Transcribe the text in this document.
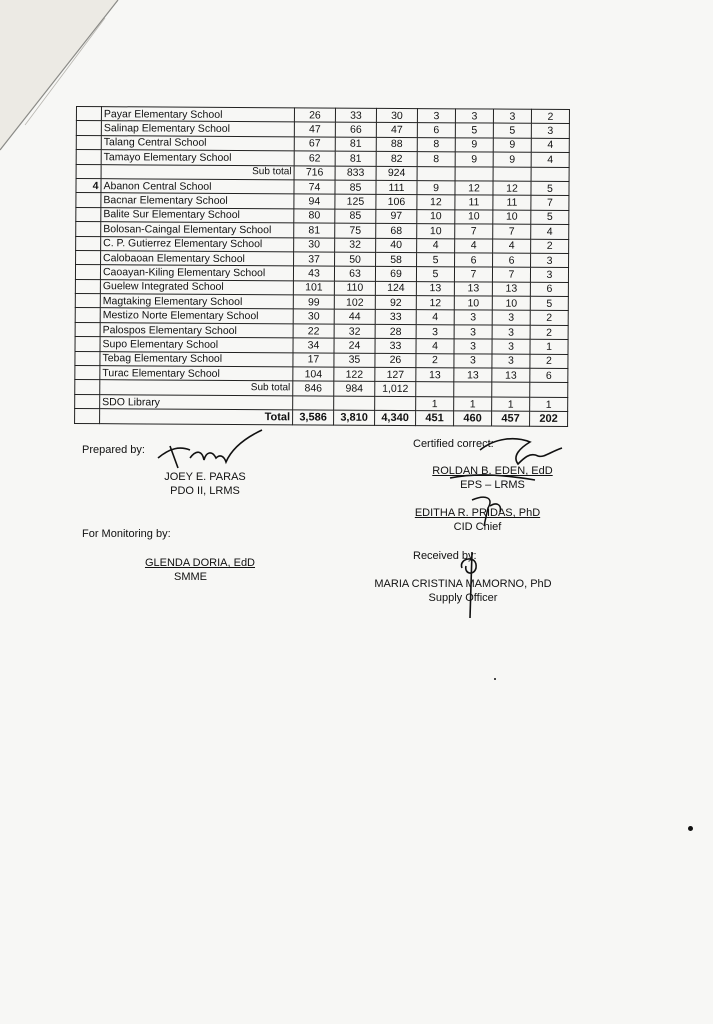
	Payar Elementary School	26	33	30	3	3	3	2
	Salinap Elementary School	47	66	47	6	5	5	3
	Talang Central School	67	81	88	8	9	9	4
	Tamayo Elementary School	62	81	82	8	9	9	4
	Sub total	716	833	924				
4	Abanon Central School	74	85	111	9	12	12	5
	Bacnar Elementary School	94	125	106	12	11	11	7
	Balite Sur Elementary School	80	85	97	10	10	10	5
	Bolosan-Caingal Elementary School	81	75	68	10	7	7	4
	C. P. Gutierrez Elementary School	30	32	40	4	4	4	2
	Calobaoan Elementary School	37	50	58	5	6	6	3
	Caoayan-Kiling Elementary School	43	63	69	5	7	7	3
	Guelew Integrated School	101	110	124	13	13	13	6
	Magtaking Elementary School	99	102	92	12	10	10	5
	Mestizo Norte Elementary School	30	44	33	4	3	3	2
	Palospos Elementary School	22	32	28	3	3	3	2
	Supo Elementary School	34	24	33	4	3	3	1
	Tebag Elementary School	17	35	26	2	3	3	2
	Turac Elementary School	104	122	127	13	13	13	6
	Sub total	846	984	1,012				
	SDO Library				1	1	1	1
	Total	3,586	3,810	4,340	451	460	457	202
Prepared by:
JOEY E. PARAS
PDO II, LRMS
Certified correct:
ROLDAN B. EDEN, EdD
EPS – LRMS
EDITHA R. PRIDAS, PhD
CID Chief
For Monitoring by:
GLENDA DORIA, EdD
SMME
Received by:
MARIA CRISTINA MAMORNO, PhD
Supply Officer
